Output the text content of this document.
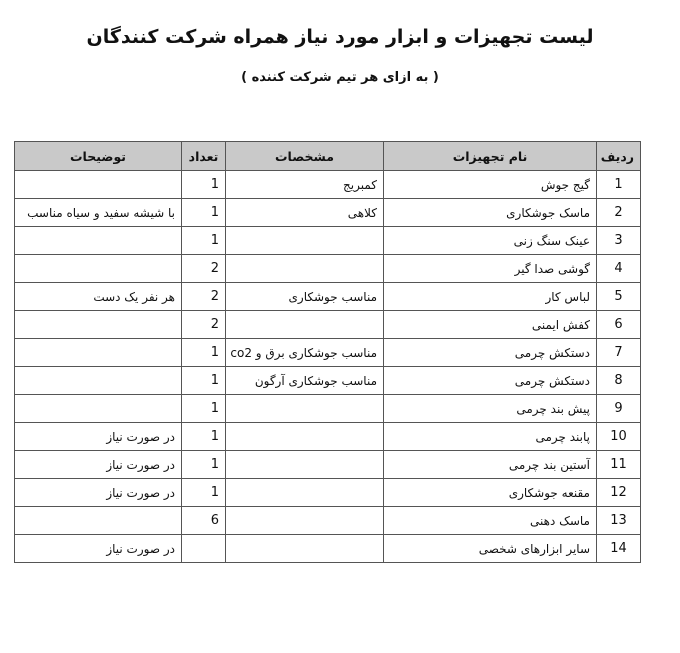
لیست تجهیزات و ابزار مورد نیاز همراه شرکت کنندگان
( به ازای هر تیم شرکت کننده )
ردیف	نام تجهیزات	مشخصات	تعداد	توضیحات
1	گیج جوش	کمبریج	1	
2	ماسک جوشکاری	کلاهی	1	با شیشه سفید و سیاه مناسب
3	عینک سنگ زنی		1	
4	گوشی صدا گیر		2	
5	لباس کار	مناسب جوشکاری	2	هر نفر یک دست
6	کفش ایمنی		2	
7	دستکش چرمی	مناسب جوشکاری برق و co2	1	
8	دستکش چرمی	مناسب جوشکاری آرگون	1	
9	پیش بند چرمی		1	
10	پابند چرمی		1	در صورت نیاز
11	آستین بند چرمی		1	در صورت نیاز
12	مقنعه جوشکاری		1	در صورت نیاز
13	ماسک دهنی		6	
14	سایر ابزارهای شخصی			در صورت نیاز
